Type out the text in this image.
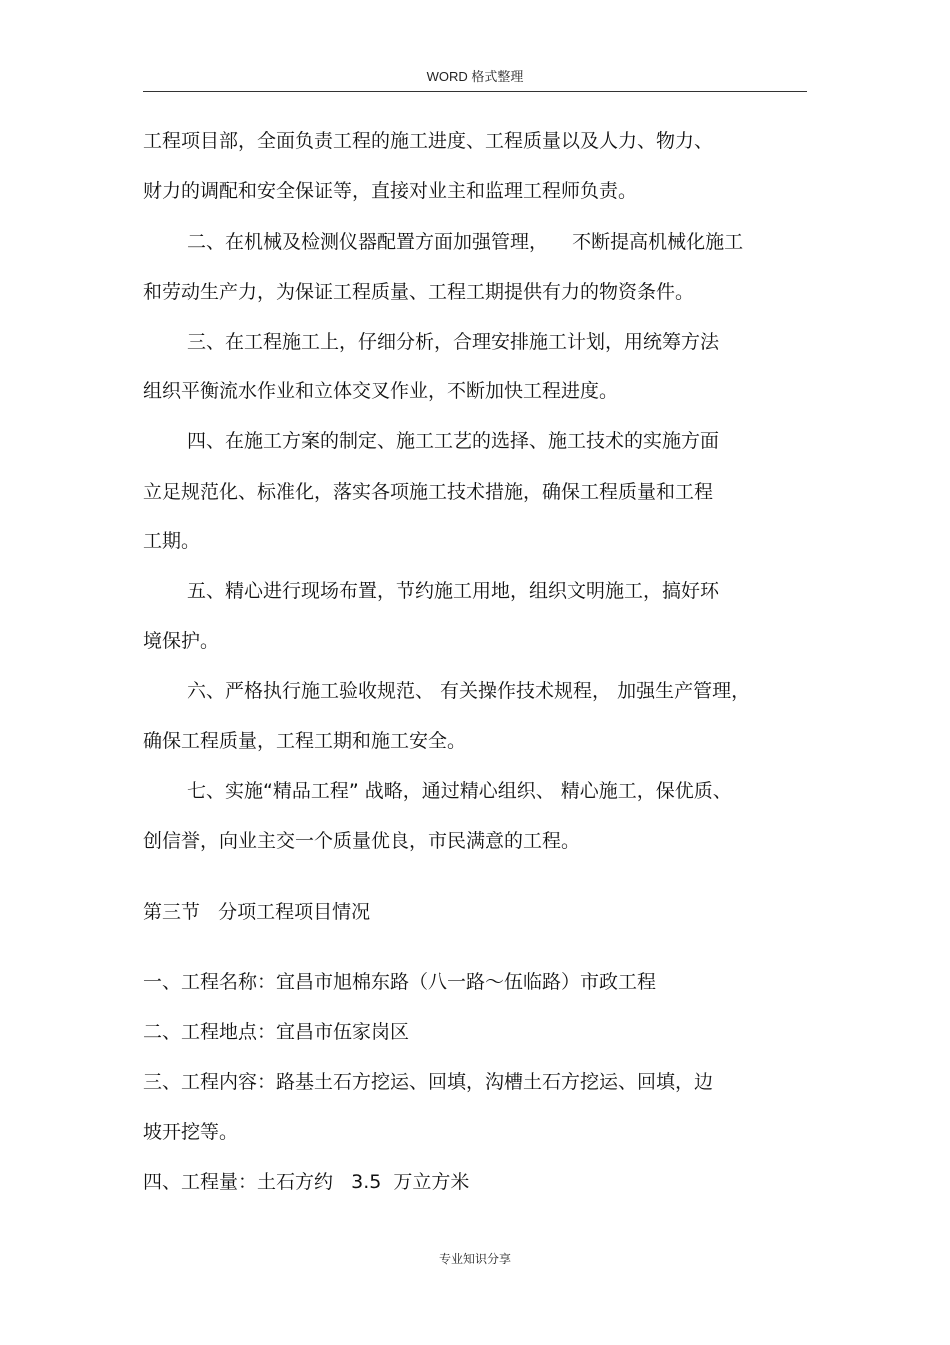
WORD 格式整理
工程项目部，全面负责工程的施工进度、工程质量以及人力、物力、
财力的调配和安全保证等，直接对业主和监理工程师负责。
二、在机械及检测仪器配置方面加强管理，    不断提高机械化施工
和劳动生产力，为保证工程质量、工程工期提供有力的物资条件。
三、在工程施工上，仔细分析，合理安排施工计划，用统筹方法
组织平衡流水作业和立体交叉作业，不断加快工程进度。
四、在施工方案的制定、施工工艺的选择、施工技术的实施方面
立足规范化、标准化，落实各项施工技术措施，确保工程质量和工程
工期。
五、精心进行现场布置，节约施工用地，组织文明施工，搞好环
境保护。
六、严格执行施工验收规范、 有关操作技术规程， 加强生产管理，
确保工程质量，工程工期和施工安全。
七、实施“精品工程” 战略，通过精心组织、 精心施工，保优质、
创信誉，向业主交一个质量优良，市民满意的工程。
第三节   分项工程项目情况
一、工程名称：宜昌市旭棉东路（八一路～伍临路）市政工程
二、工程地点：宜昌市伍家岗区
三、工程内容：路基土石方挖运、回填，沟槽土石方挖运、回填，边
坡开挖等。
四、工程量：土石方约   3.5  万立方米
专业知识分享
